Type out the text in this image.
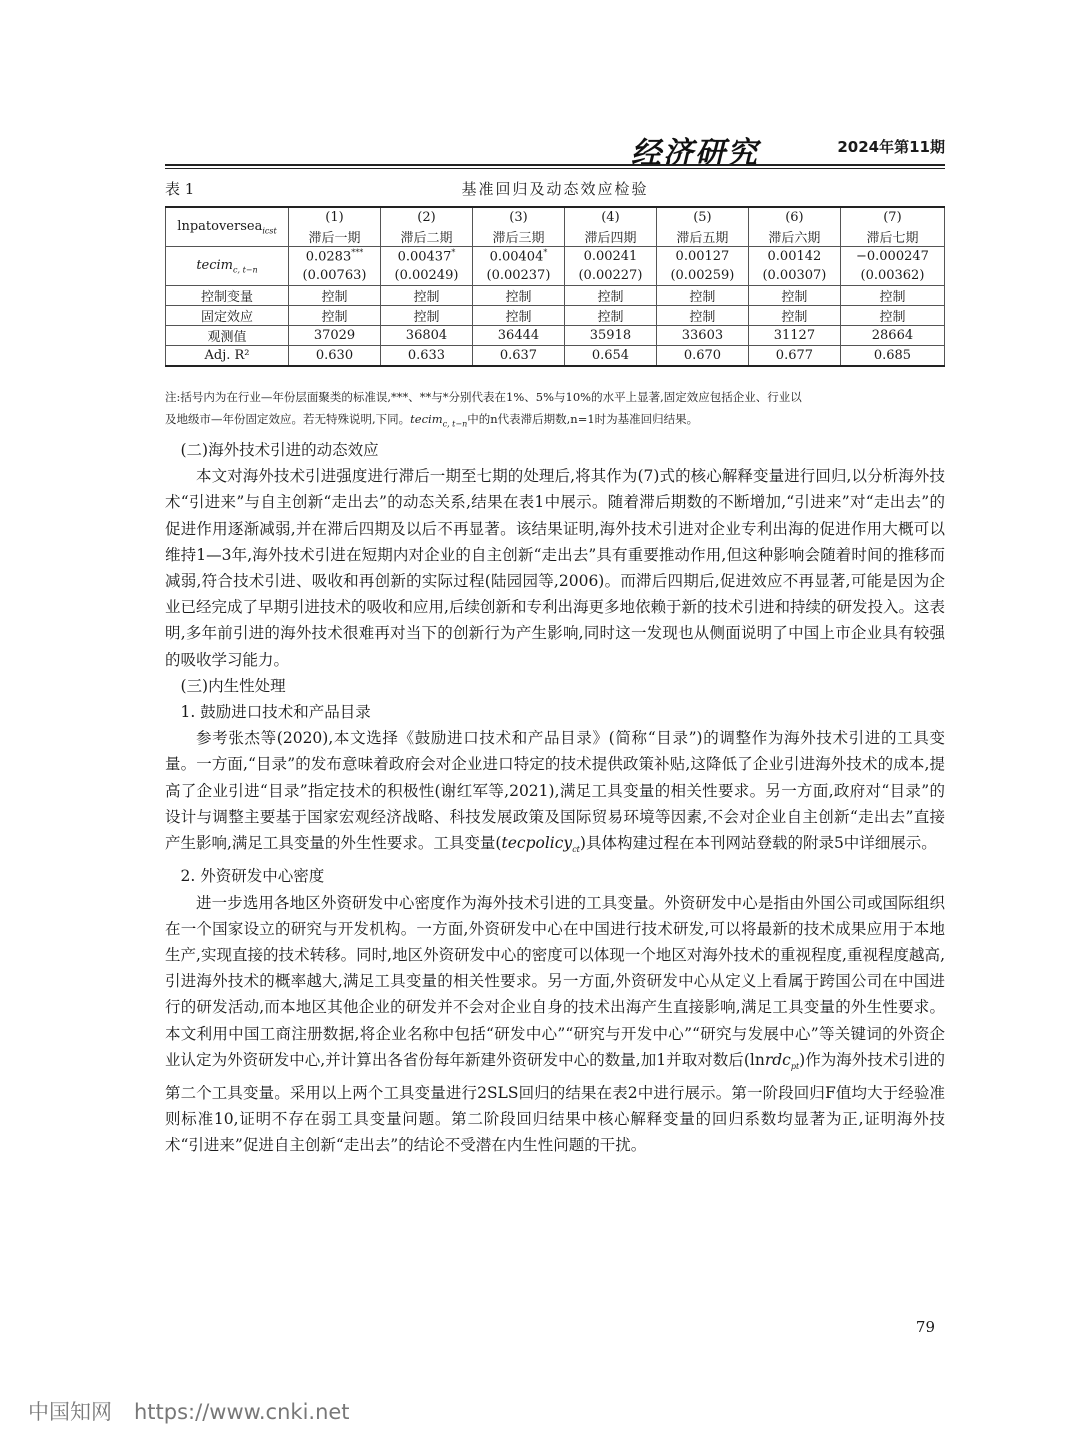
经济研究	2024年第11期
表 1	基准回归及动态效应检验
lnpatoversea$_{icst}$	(1)	(2)	(3)	(4)	(5)	(6)	(7)
	滞后一期	滞后二期	滞后三期	滞后四期	滞后五期	滞后六期	滞后七期
tecim$_{c, t-n}$	0.0283***	0.00437*	0.00404*	0.00241	0.00127	0.00142	−0.000247
	(0.00763)	(0.00249)	(0.00237)	(0.00227)	(0.00259)	(0.00307)	(0.00362)
控制变量	控制	控制	控制	控制	控制	控制	控制
固定效应	控制	控制	控制	控制	控制	控制	控制
观测值	37029	36804	36444	35918	33603	31127	28664
Adj. R²	0.630	0.633	0.637	0.654	0.670	0.677	0.685

注:括号内为在行业—年份层面聚类的标准误,***、**与*分别代表在1%、5%与10%的水平上显著,固定效应包括企业、行业以

及地级市—年份固定效应。若无特殊说明,下同。tecim$_{c, t-n}$中的n代表滞后期数,n=1时为基准回归结果。

(二)海外技术引进的动态效应

本文对海外技术引进强度进行滞后一期至七期的处理后,将其作为(7)式的核心解释变量进行回归,以分析海外技术“引进来”与自主创新“走出去”的动态关系,结果在表1中展示。随着滞后期数的不断增加,“引进来”对“走出去”的促进作用逐渐减弱,并在滞后四期及以后不再显著。该结果证明,海外技术引进对企业专利出海的促进作用大概可以维持1—3年,海外技术引进在短期内对企业的自主创新“走出去”具有重要推动作用,但这种影响会随着时间的推移而减弱,符合技术引进、吸收和再创新的实际过程(陆园园等,2006)。而滞后四期后,促进效应不再显著,可能是因为企业已经完成了早期引进技术的吸收和应用,后续创新和专利出海更多地依赖于新的技术引进和持续的研发投入。这表明,多年前引进的海外技术很难再对当下的创新行为产生影响,同时这一发现也从侧面说明了中国上市企业具有较强的吸收学习能力。

(三)内生性处理
1. 鼓励进口技术和产品目录

参考张杰等(2020),本文选择《鼓励进口技术和产品目录》(简称“目录”)的调整作为海外技术引进的工具变量。一方面,“目录”的发布意味着政府会对企业进口特定的技术提供政策补贴,这降低了企业引进海外技术的成本,提高了企业引进“目录”指定技术的积极性(谢红军等,2021),满足工具变量的相关性要求。另一方面,政府对“目录”的设计与调整主要基于国家宏观经济战略、科技发展政策及国际贸易环境等因素,不会对企业自主创新“走出去”直接产生影响,满足工具变量的外生性要求。工具变量(tecpolicy$_{ct}$)具体构建过程在本刊网站登载的附录5中详细展示。

2. 外资研发中心密度

进一步选用各地区外资研发中心密度作为海外技术引进的工具变量。外资研发中心是指由外国公司或国际组织在一个国家设立的研究与开发机构。一方面,外资研发中心在中国进行技术研发,可以将最新的技术成果应用于本地生产,实现直接的技术转移。同时,地区外资研发中心的密度可以体现一个地区对海外技术的重视程度,重视程度越高,引进海外技术的概率越大,满足工具变量的相关性要求。另一方面,外资研发中心从定义上看属于跨国公司在中国进行的研发活动,而本地区其他企业的研发并不会对企业自身的技术出海产生直接影响,满足工具变量的外生性要求。本文利用中国工商注册数据,将企业名称中包括“研发中心”“研究与开发中心”“研究与发展中心”等关键词的外资企业认定为外资研发中心,并计算出各省份每年新建外资研发中心的数量,加1并取对数后(lnrdc$_{pt}$)作为海外技术引进的第二个工具变量。采用以上两个工具变量进行2SLS回归的结果在表2中进行展示。第一阶段回归F值均大于经验准则标准10,证明不存在弱工具变量问题。第二阶段回归结果中核心解释变量的回归系数均显著为正,证明海外技术“引进来”促进自主创新“走出去”的结论不受潜在内生性问题的干扰。

79
中国知网 https://www.cnki.net
